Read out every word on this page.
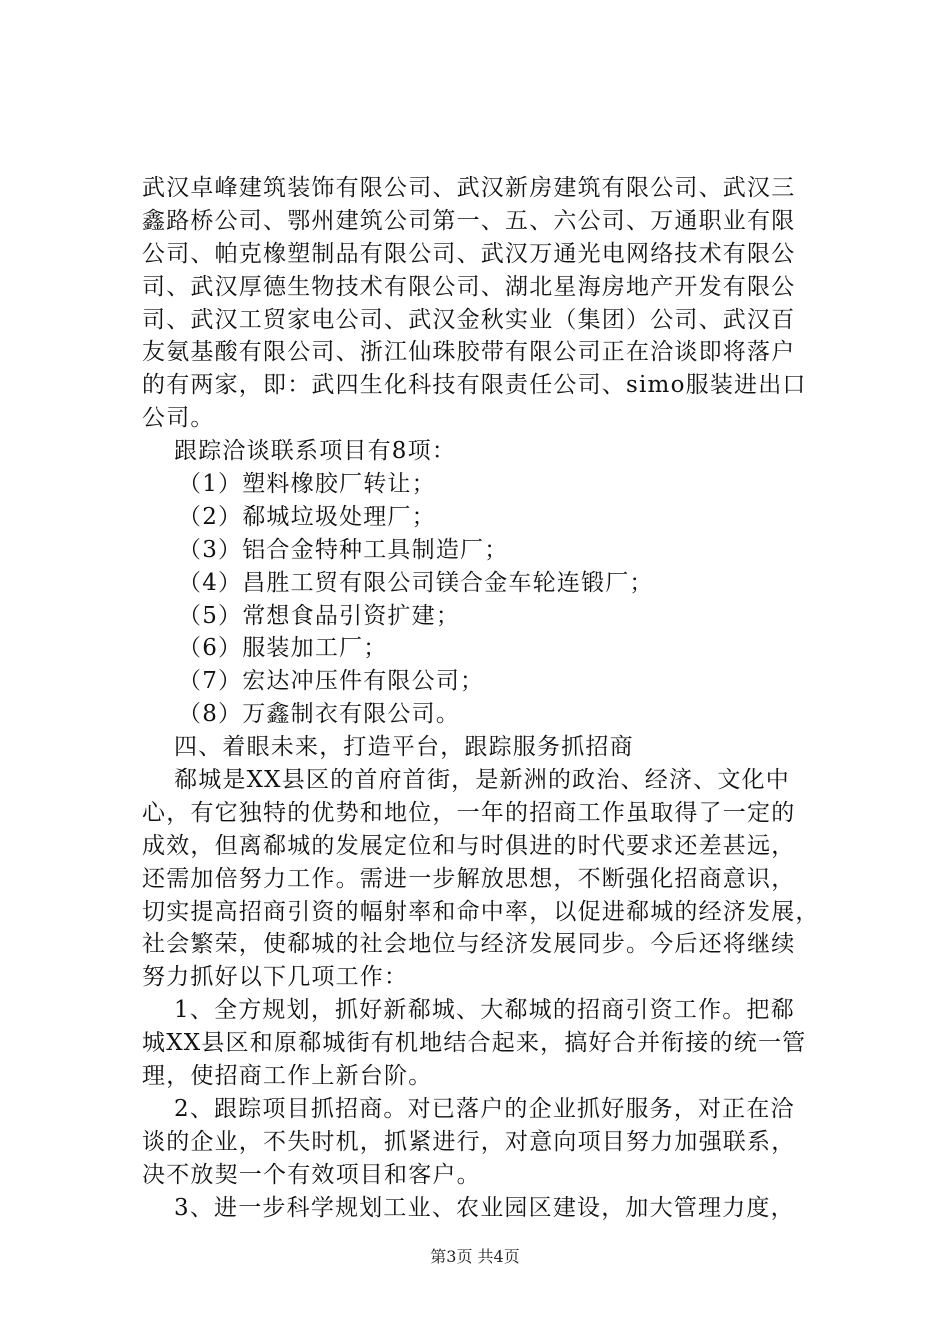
武汉卓峰建筑装饰有限公司、武汉新房建筑有限公司、武汉三
鑫路桥公司、鄂州建筑公司第一、五、六公司、万通职业有限
公司、帕克橡塑制品有限公司、武汉万通光电网络技术有限公
司、武汉厚德生物技术有限公司、湖北星海房地产开发有限公
司、武汉工贸家电公司、武汉金秋实业（集团）公司、武汉百
友氨基酸有限公司、浙江仙珠胶带有限公司正在洽谈即将落户
的有两家，即：武四生化科技有限责任公司、simo服装进出口
公司。
跟踪洽谈联系项目有8项：
（1）塑料橡胶厂转让；
（2）郗城垃圾处理厂；
（3）铝合金特种工具制造厂；
（4）昌胜工贸有限公司镁合金车轮连锻厂；
（5）常想食品引资扩建；
（6）服装加工厂；
（7）宏达冲压件有限公司；
（8）万鑫制衣有限公司。
四、着眼未来，打造平台，跟踪服务抓招商
郗城是XX县区的首府首街，是新洲的政治、经济、文化中
心，有它独特的优势和地位，一年的招商工作虽取得了一定的
成效，但离郗城的发展定位和与时俱进的时代要求还差甚远，
还需加倍努力工作。需进一步解放思想，不断强化招商意识，
切实提高招商引资的幅射率和命中率，以促进郗城的经济发展，
社会繁荣，使郗城的社会地位与经济发展同步。今后还将继续
努力抓好以下几项工作：
1、全方规划，抓好新郗城、大郗城的招商引资工作。把郗
城XX县区和原郗城街有机地结合起来，搞好合并衔接的统一管
理，使招商工作上新台阶。
2、跟踪项目抓招商。对已落户的企业抓好服务，对正在洽
谈的企业，不失时机，抓紧进行，对意向项目努力加强联系，
决不放契一个有效项目和客户。
3、进一步科学规划工业、农业园区建设，加大管理力度，
第3页 共4页
